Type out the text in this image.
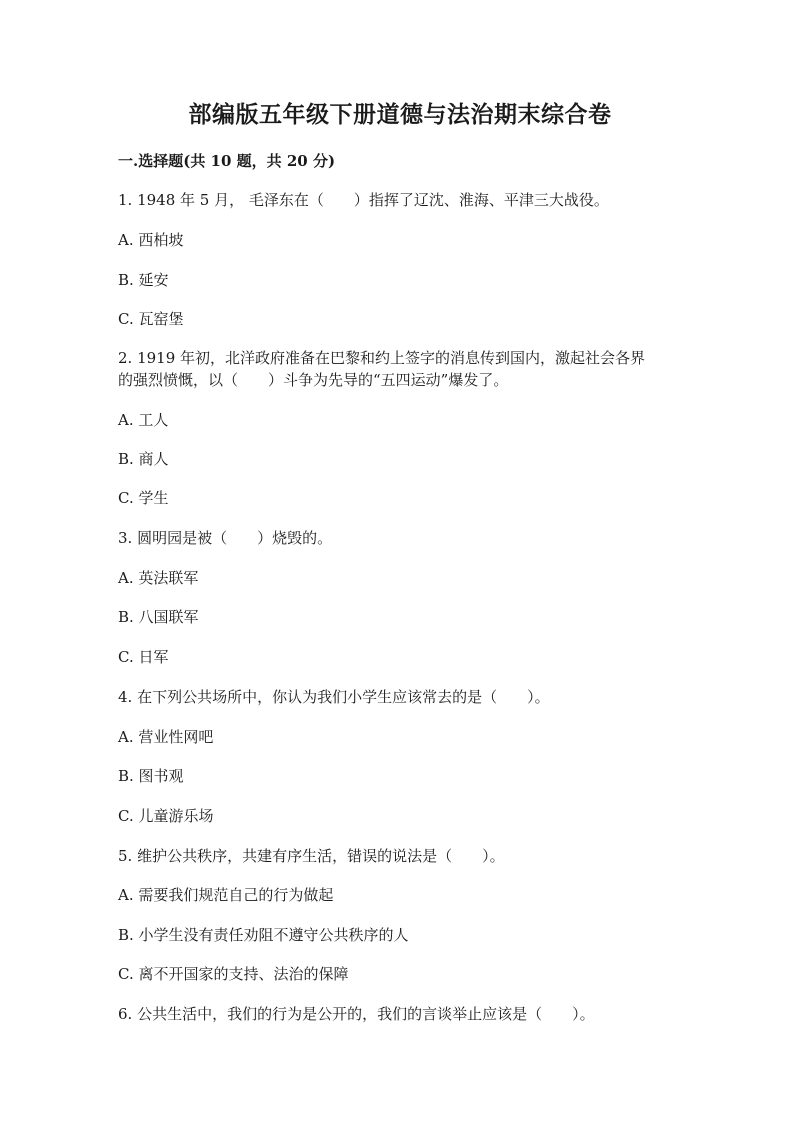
部编版五年级下册道德与法治期末综合卷
一.选择题(共 10 题，共 20 分)
1. 1948 年 5 月， 毛泽东在（　　）指挥了辽沈、淮海、平津三大战役。
A. 西柏坡
B. 延安
C. 瓦窑堡
2. 1919 年初，北洋政府准备在巴黎和约上签字的消息传到国内，激起社会各界
的强烈愤慨，以（　　）斗争为先导的“五四运动”爆发了。
A. 工人
B. 商人
C. 学生
3. 圆明园是被（　　）烧毁的。
A. 英法联军
B. 八国联军
C. 日军
4. 在下列公共场所中，你认为我们小学生应该常去的是（　　）。
A. 营业性网吧
B. 图书观
C. 儿童游乐场
5. 维护公共秩序，共建有序生活，错误的说法是（　　）。
A. 需要我们规范自己的行为做起
B. 小学生没有责任劝阻不遵守公共秩序的人
C. 离不开国家的支持、法治的保障
6. 公共生活中，我们的行为是公开的，我们的言谈举止应该是（　　）。
